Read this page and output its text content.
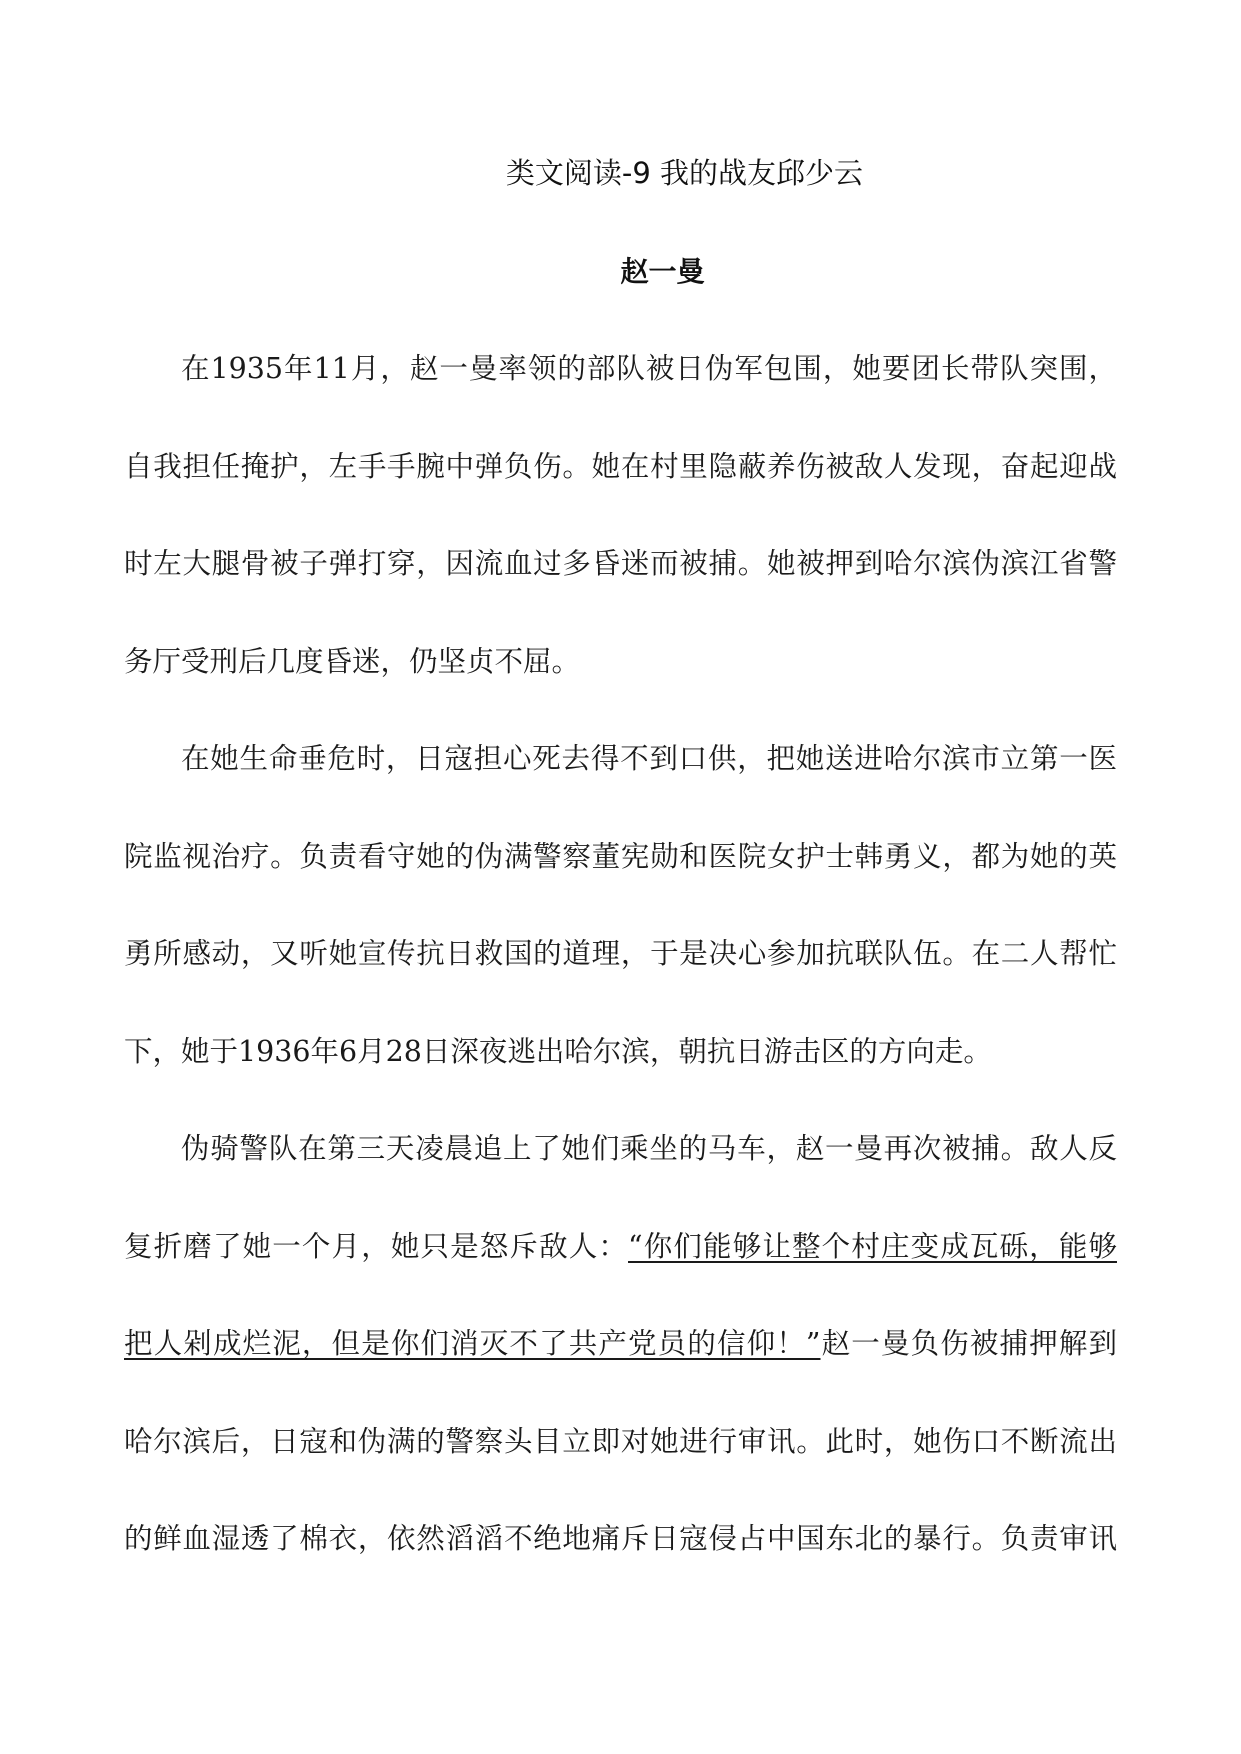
类文阅读-9 我的战友邱少云
赵一曼
在1935年11月，赵一曼率领的部队被日伪军包围，她要团长带队突围，
自我担任掩护，左手手腕中弹负伤。她在村里隐蔽养伤被敌人发现，奋起迎战
时左大腿骨被子弹打穿，因流血过多昏迷而被捕。她被押到哈尔滨伪滨江省警
务厅受刑后几度昏迷，仍坚贞不屈。
在她生命垂危时，日寇担心死去得不到口供，把她送进哈尔滨市立第一医
院监视治疗。负责看守她的伪满警察董宪勋和医院女护士韩勇义，都为她的英
勇所感动，又听她宣传抗日救国的道理，于是决心参加抗联队伍。在二人帮忙
下，她于1936年6月28日深夜逃出哈尔滨，朝抗日游击区的方向走。
伪骑警队在第三天凌晨追上了她们乘坐的马车，赵一曼再次被捕。敌人反
复折磨了她一个月，她只是怒斥敌人：“你们能够让整个村庄变成瓦砾，能够
把人剁成烂泥，但是你们消灭不了共产党员的信仰！”赵一曼负伤被捕押解到
哈尔滨后，日寇和伪满的警察头目立即对她进行审讯。此时，她伤口不断流出
的鲜血湿透了棉衣，依然滔滔不绝地痛斥日寇侵占中国东北的暴行。负责审讯
